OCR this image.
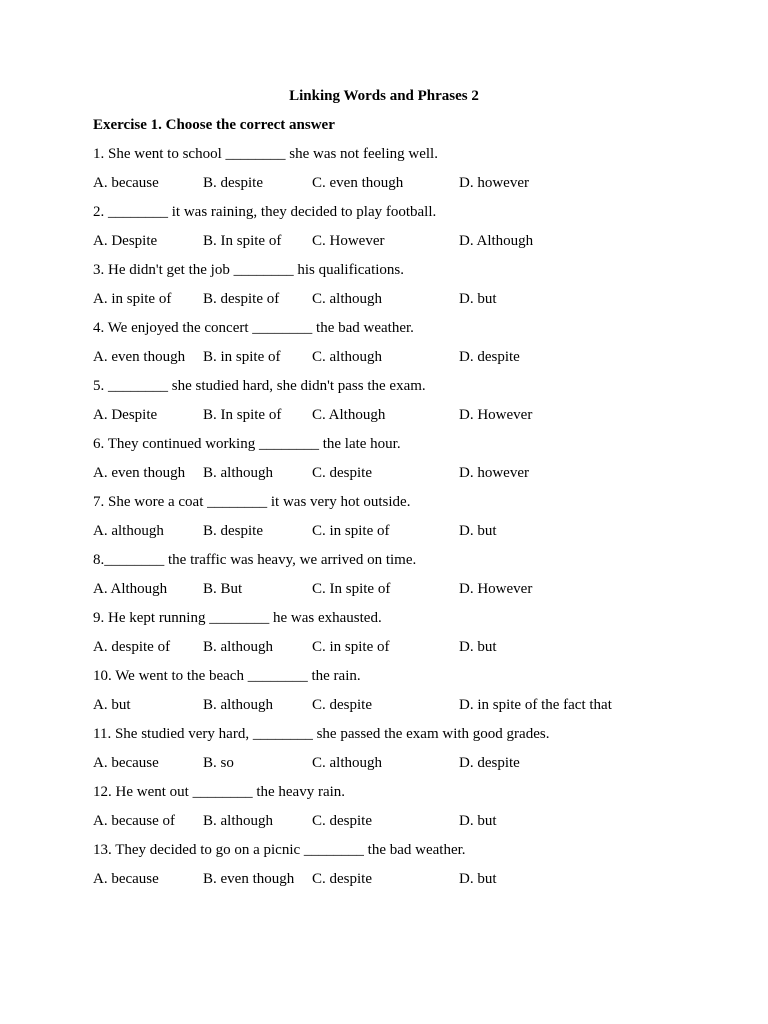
Linking Words and Phrases 2
Exercise 1. Choose the correct answer
1. She went to school ________ she was not feeling well.
A. because	B. despite	C. even though	D. however
2. ________ it was raining, they decided to play football.
A. Despite	B. In spite of C. However	D. Although
3. He didn't get the job ________ his qualifications.
A. in spite of B. despite of C. although	D. but
4. We enjoyed the concert ________ the bad weather.
A. even though B. in spite of C. although	D. despite
5. ________ she studied hard, she didn't pass the exam.
A. Despite	B. In spite of C. Although	D. However
6. They continued working ________ the late hour.
A. even though B. although	C. despite	D. however
7. She wore a coat ________ it was very hot outside.
A. although	B. despite	C. in spite of	D. but
8.________ the traffic was heavy, we arrived on time.
A. Although B. But	C. In spite of	D. However
9. He kept running ________ he was exhausted.
A. despite of B. although	C. in spite of	D. but
10. We went to the beach ________ the rain.
A. but	B. although	C. despite	D. in spite of the fact that
11. She studied very hard, ________ she passed the exam with good grades.
A. because	B. so	C. although	D. despite
12. He went out ________ the heavy rain.
A. because of B. although	C. despite	D. but
13. They decided to go on a picnic ________ the bad weather.
A. because	B. even though C. despite	D. but
